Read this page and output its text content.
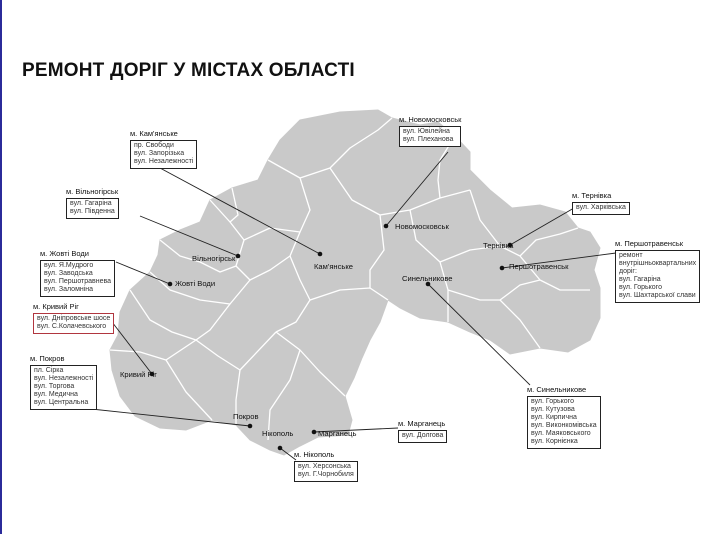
РЕМОНТ ДОРІГ У МІСТАХ ОБЛАСТІ
Кам'янське
Новомосковськ
Тернівка
Першотравенськ
Вільногірськ
Жовті Води
Синельникове
Кривий Ріг
Покров
Нікополь	Марганець
м. Кам'янське
пр. Свободи
вул. Запорізька
вул. Незалежності
м. Новомосковськ
вул. Ювілейна
вул. Плеханова
м. Тернівка
вул. Харківська
м. Першотравенськ
ремонт
внутрішньоквартальних
доріг:
вул. Гагаріна
вул. Горького
вул. Шахтарської слави
м. Вільногірськ
вул. Гагаріна
вул. Південна
м. Жовті Води
вул. Я.Мудрого
вул. Заводська
вул. Першотравнева
вул. Заломніна
м. Кривий Ріг
вул. Дніпровське шосе
вул. С.Колачевського
м. Покров
пл. Сірка
вул. Незалежності
вул. Торгова
вул. Медична
вул. Центральна
м. Синельникове
вул. Горького
вул. Кутузова
вул. Кирпична
вул. Виконкомівська
вул. Маяковського
вул. Корнієнка
м. Марганець
вул. Долгова
м. Нікополь
вул. Херсонська
вул. Г.Чорнобиля
